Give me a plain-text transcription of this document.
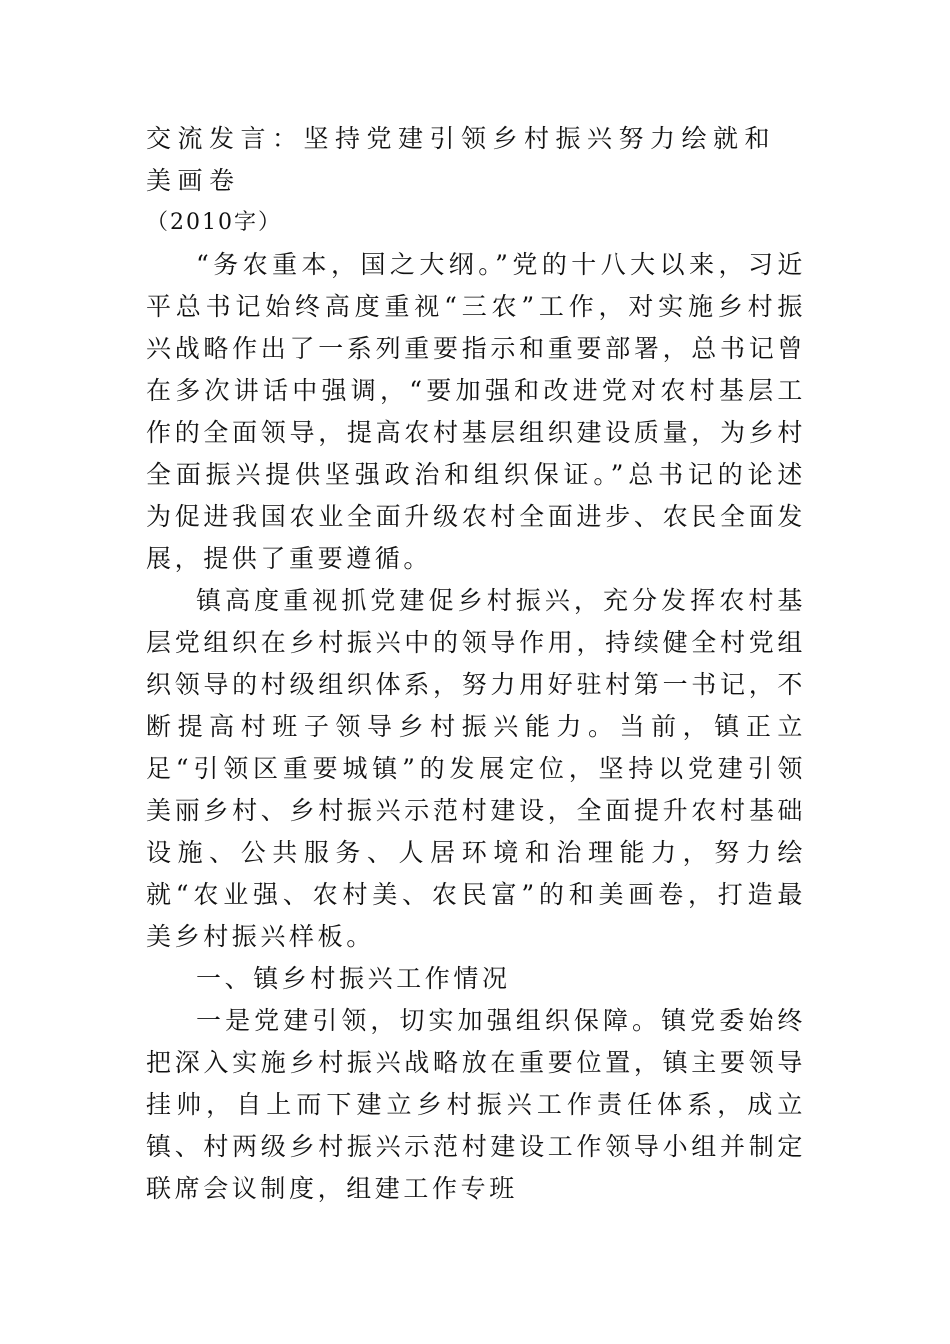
交流发言：坚持党建引领乡村振兴努力绘就和美画卷
（2010字）

“务农重本，国之大纲。”党的十八大以来，习近平总书记始终高度重视“三农”工作，对实施乡村振兴战略作出了一系列重要指示和重要部署，总书记曾在多次讲话中强调，“要加强和改进党对农村基层工作的全面领导，提高农村基层组织建设质量，为乡村全面振兴提供坚强政治和组织保证。”总书记的论述为促进我国农业全面升级农村全面进步、农民全面发展，提供了重要遵循。

镇高度重视抓党建促乡村振兴，充分发挥农村基层党组织在乡村振兴中的领导作用，持续健全村党组织领导的村级组织体系，努力用好驻村第一书记，不断提高村班子领导乡村振兴能力。当前，镇正立足“引领区重要城镇”的发展定位，坚持以党建引领美丽乡村、乡村振兴示范村建设，全面提升农村基础设施、公共服务、人居环境和治理能力，努力绘就“农业强、农村美、农民富”的和美画卷，打造最美乡村振兴样板。

一、镇乡村振兴工作情况

一是党建引领，切实加强组织保障。镇党委始终把深入实施乡村振兴战略放在重要位置，镇主要领导挂帅，自上而下建立乡村振兴工作责任体系，成立镇、村两级乡村振兴示范村建设工作领导小组并制定联席会议制度，组建工作专班
